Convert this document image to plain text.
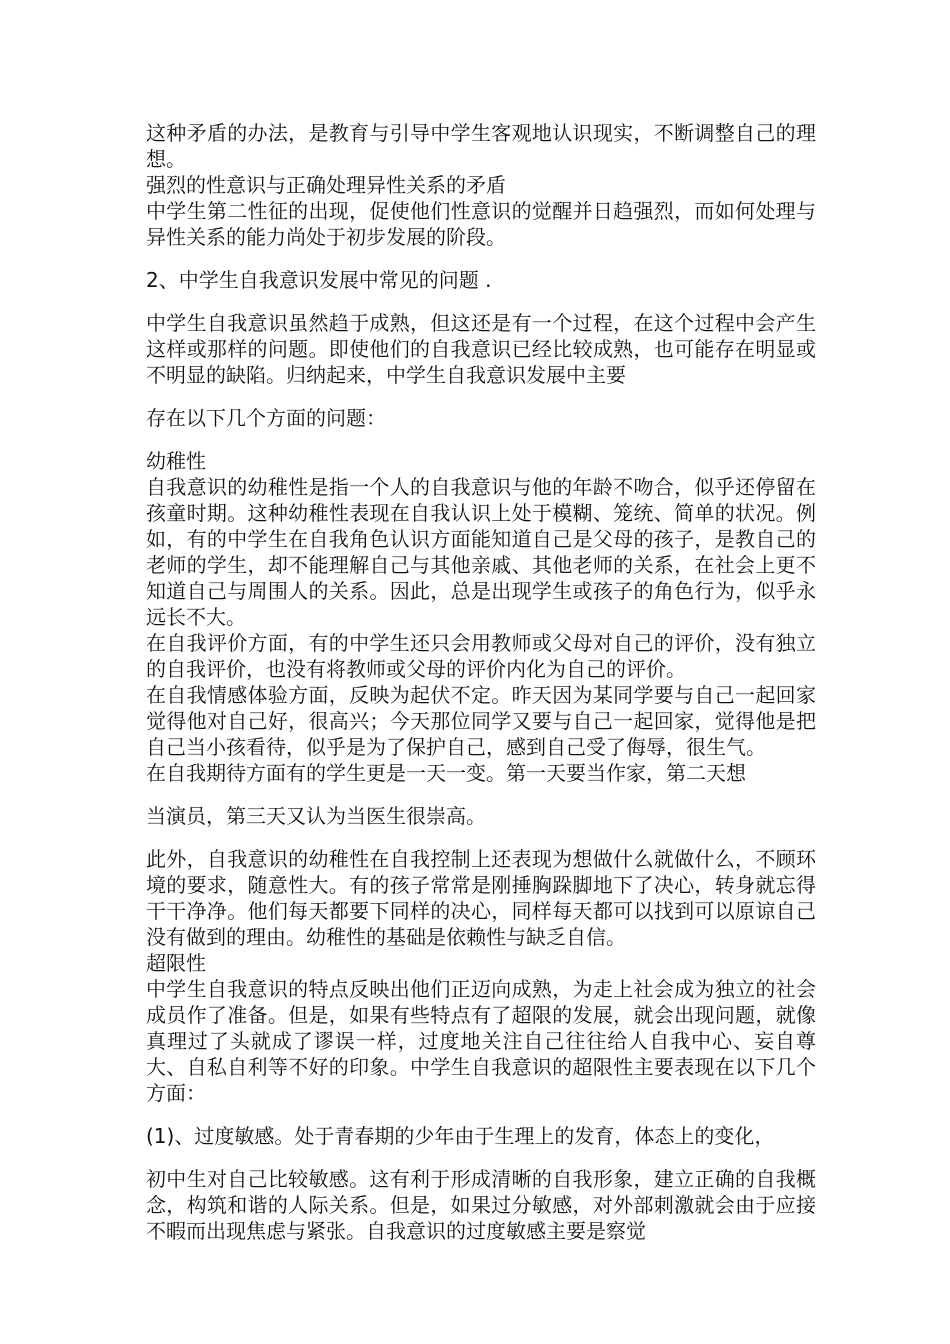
这种矛盾的办法，是教育与引导中学生客观地认识现实，不断调整自己的理想。

强烈的性意识与正确处理异性关系的矛盾

中学生第二性征的出现，促使他们性意识的觉醒并日趋强烈，而如何处理与异性关系的能力尚处于初步发展的阶段。

2、中学生自我意识发展中常见的问题 .

中学生自我意识虽然趋于成熟，但这还是有一个过程，在这个过程中会产生这样或那样的问题。即使他们的自我意识已经比较成熟，也可能存在明显或不明显的缺陷。归纳起来，中学生自我意识发展中主要

存在以下几个方面的问题：

幼稚性

自我意识的幼稚性是指一个人的自我意识与他的年龄不吻合，似乎还停留在孩童时期。这种幼稚性表现在自我认识上处于模糊、笼统、简单的状况。例如，有的中学生在自我角色认识方面能知道自己是父母的孩子，是教自己的老师的学生，却不能理解自己与其他亲戚、其他老师的关系，在社会上更不知道自己与周围人的关系。因此，总是出现学生或孩子的角色行为，似乎永远长不大。

在自我评价方面，有的中学生还只会用教师或父母对自己的评价，没有独立的自我评价，也没有将教师或父母的评价内化为自己的评价。

在自我情感体验方面，反映为起伏不定。昨天因为某同学要与自己一起回家觉得他对自己好，很高兴；今天那位同学又要与自己一起回家，觉得他是把自己当小孩看待，似乎是为了保护自己，感到自己受了侮辱，很生气。

在自我期待方面有的学生更是一天一变。第一天要当作家，第二天想

当演员，第三天又认为当医生很崇高。

此外，自我意识的幼稚性在自我控制上还表现为想做什么就做什么，不顾环境的要求，随意性大。有的孩子常常是刚捶胸跺脚地下了决心，转身就忘得干干净净。他们每天都要下同样的决心，同样每天都可以找到可以原谅自己没有做到的理由。幼稚性的基础是依赖性与缺乏自信。

超限性

中学生自我意识的特点反映出他们正迈向成熟，为走上社会成为独立的社会成员作了准备。但是，如果有些特点有了超限的发展，就会出现问题，就像真理过了头就成了谬误一样，过度地关注自己往往给人自我中心、妄自尊大、自私自利等不好的印象。中学生自我意识的超限性主要表现在以下几个方面：

(1)、过度敏感。处于青春期的少年由于生理上的发育，体态上的变化，

初中生对自己比较敏感。这有利于形成清晰的自我形象，建立正确的自我概念，构筑和谐的人际关系。但是，如果过分敏感，对外部刺激就会由于应接不暇而出现焦虑与紧张。自我意识的过度敏感主要是察觉
